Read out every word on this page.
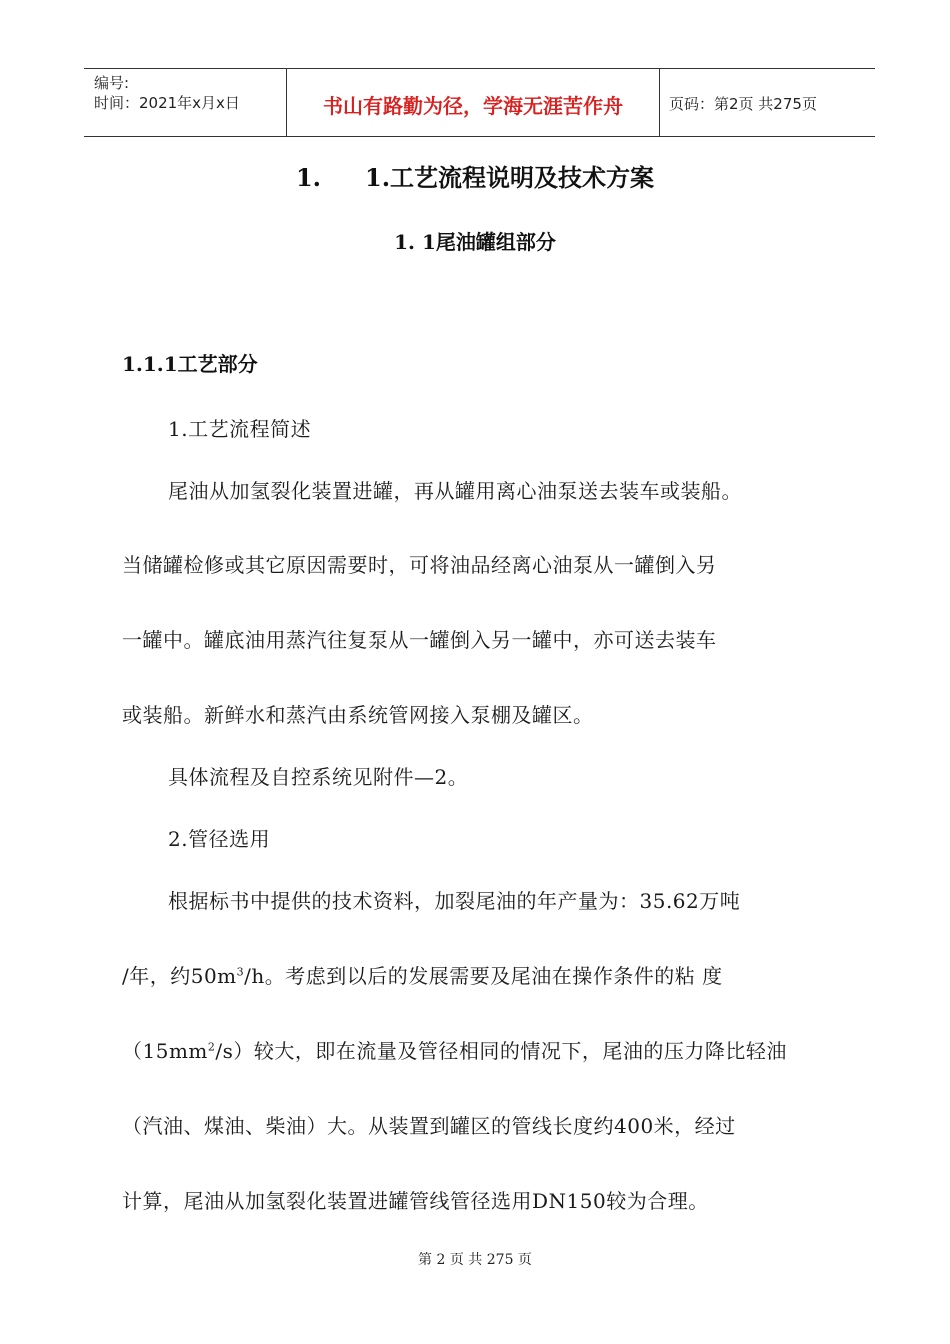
编号:
时间：2021年x月x日	书山有路勤为径，学海无涯苦作舟	页码：第2页 共275页
1. 1.工艺流程说明及技术方案
1. 1尾油罐组部分
1.1.1工艺部分
1.工艺流程简述
尾油从加氢裂化装置进罐，再从罐用离心油泵送去装车或装船。
当储罐检修或其它原因需要时，可将油品经离心油泵从一罐倒入另
一罐中。罐底油用蒸汽往复泵从一罐倒入另一罐中，亦可送去装车
或装船。新鲜水和蒸汽由系统管网接入泵棚及罐区。
具体流程及自控系统见附件—2。
2.管径选用
根据标书中提供的技术资料，加裂尾油的年产量为：35.62万吨
/年，约$50m^3/h$。考虑到以后的发展需要及尾油在操作条件的粘 度
$(15mm^2/s)$较大，即在流量及管径相同的情况下，尾油的压力降比轻油
（汽油、煤油、柴油）大。从装置到罐区的管线长度约400米，经过
计算，尾油从加氢裂化装置进罐管线管径选用DN150较为合理。
第 2 页 共 275 页
